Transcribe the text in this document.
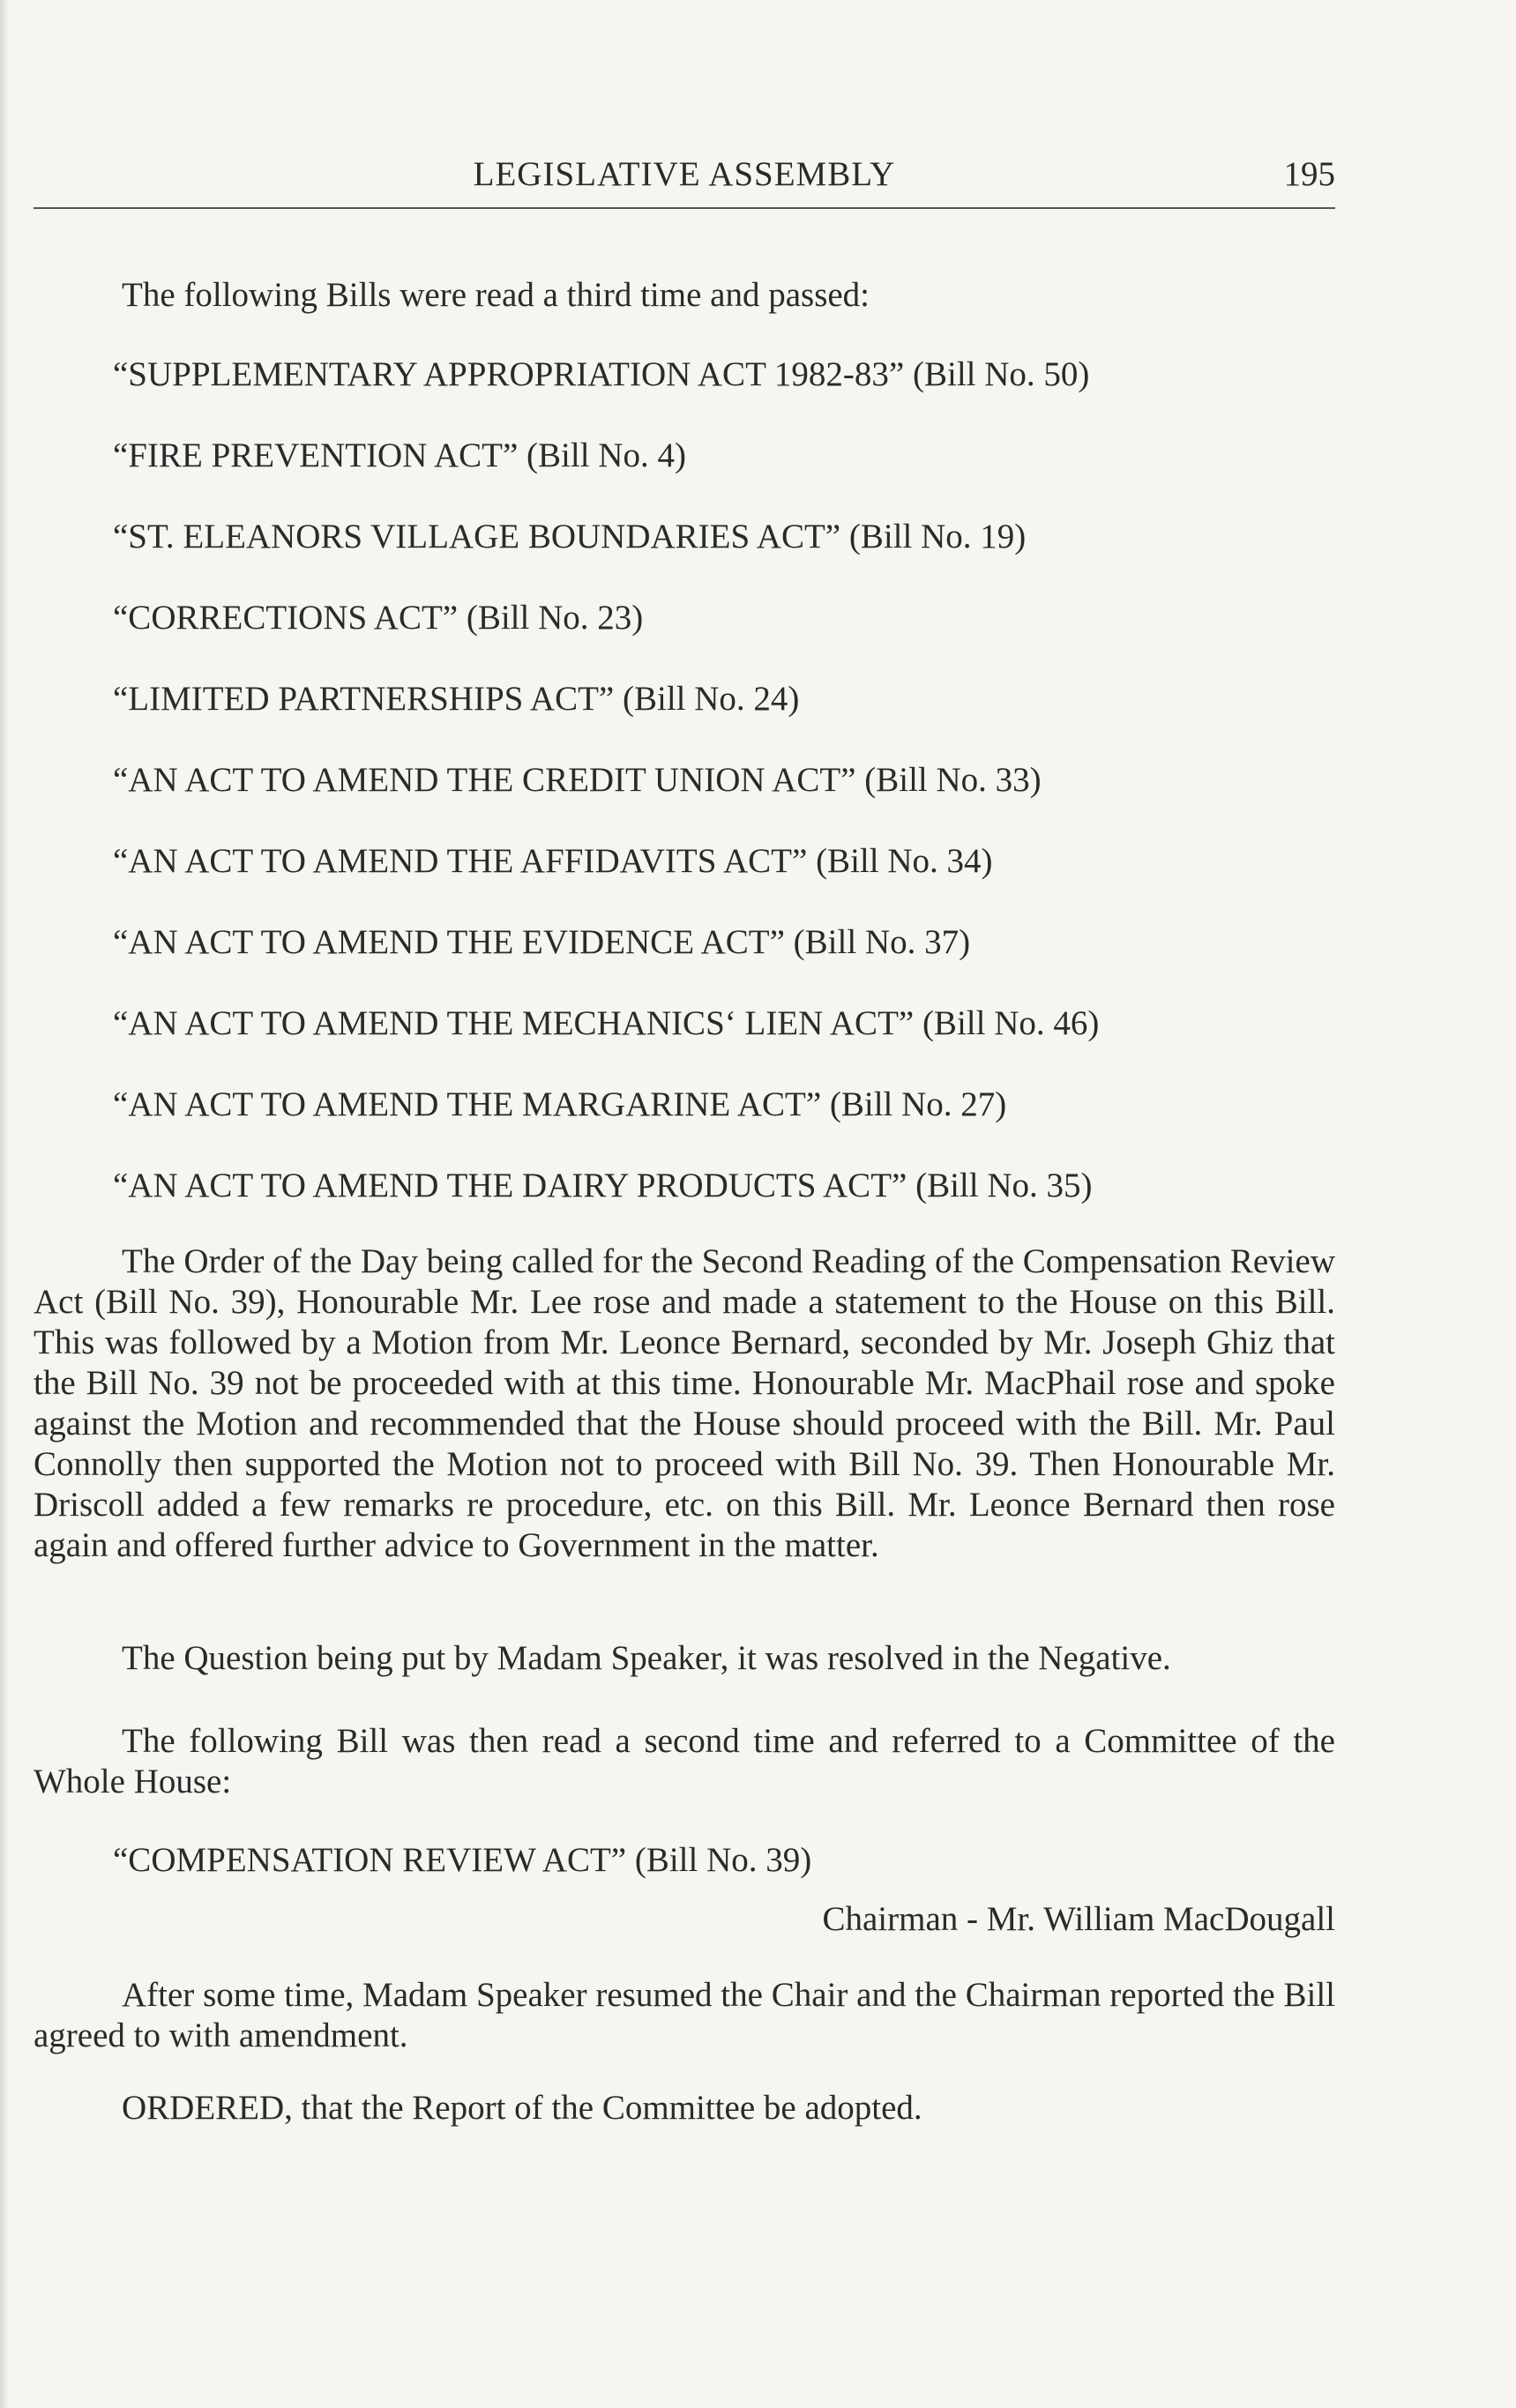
LEGISLATIVE ASSEMBLY	195
The following Bills were read a third time and passed:
“SUPPLEMENTARY APPROPRIATION ACT 1982-83” (Bill No. 50)
“FIRE PREVENTION ACT” (Bill No. 4)
“ST. ELEANORS VILLAGE BOUNDARIES ACT” (Bill No. 19)
“CORRECTIONS ACT” (Bill No. 23)
“LIMITED PARTNERSHIPS ACT” (Bill No. 24)
“AN ACT TO AMEND THE CREDIT UNION ACT” (Bill No. 33)
“AN ACT TO AMEND THE AFFIDAVITS ACT” (Bill No. 34)
“AN ACT TO AMEND THE EVIDENCE ACT” (Bill No. 37)
“AN ACT TO AMEND THE MECHANICS‘ LIEN ACT” (Bill No. 46)
“AN ACT TO AMEND THE MARGARINE ACT” (Bill No. 27)
“AN ACT TO AMEND THE DAIRY PRODUCTS ACT” (Bill No. 35)
The Order of the Day being called for the Second Reading of the Compensation Review Act (Bill No. 39), Honourable Mr. Lee rose and made a statement to the House on this Bill. This was followed by a Motion from Mr. Leonce Bernard, seconded by Mr. Joseph Ghiz that the Bill No. 39 not be proceeded with at this time. Honourable Mr. MacPhail rose and spoke against the Motion and recommended that the House should proceed with the Bill. Mr. Paul Connolly then supported the Motion not to proceed with Bill No. 39. Then Honourable Mr. Driscoll added a few remarks re procedure, etc. on this Bill. Mr. Leonce Bernard then rose again and offered further advice to Government in the matter.
The Question being put by Madam Speaker, it was resolved in the Negative.
The following Bill was then read a second time and referred to a Committee of the Whole House:
“COMPENSATION REVIEW ACT” (Bill No. 39)
Chairman - Mr. William MacDougall
After some time, Madam Speaker resumed the Chair and the Chairman reported the Bill agreed to with amendment.
ORDERED, that the Report of the Committee be adopted.
